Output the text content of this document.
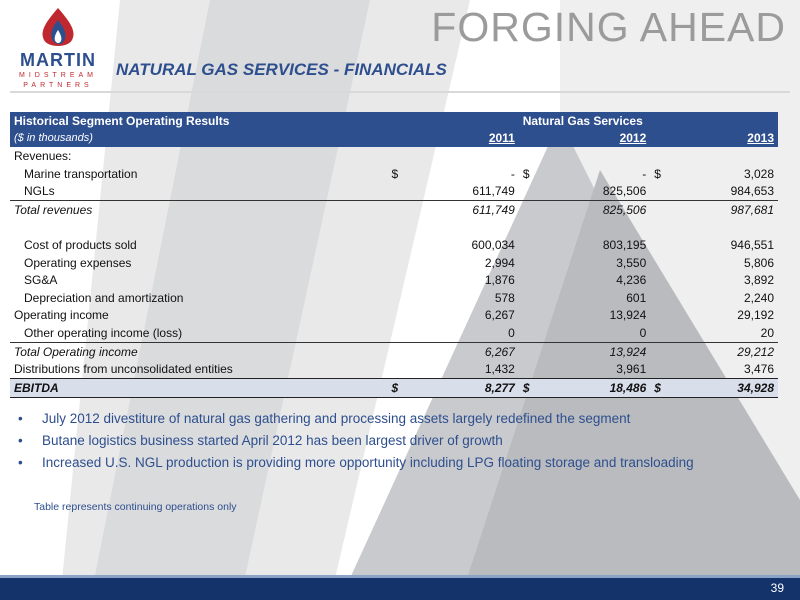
MARTIN
MIDSTREAM
PARTNERS
FORGING AHEAD
NATURAL GAS SERVICES - FINANCIALS
Historical Segment Operating Results	Natural Gas Services					
($ in thousands)		2011		2012		2013
Revenues:						
Marine transportation	$	-	$	-	$	3,028
NGLs		611,749		825,506		984,653
Total revenues		611,749		825,506		987,681

Cost of products sold		600,034		803,195		946,551
Operating expenses		2,994		3,550		5,806
SG&A		1,876		4,236		3,892
Depreciation and amortization		578		601		2,240
Operating income		6,267		13,924		29,192
Other operating income (loss)		0		0		20
Total Operating income		6,267		13,924		29,212
Distributions from unconsolidated entities		1,432		3,961		3,476
EBITDA	$	8,277	$	18,486	$	34,928
• July 2012 divestiture of natural gas gathering and processing assets largely redefined the segment
• Butane logistics business started April 2012 has been largest driver of growth
• Increased U.S. NGL production is providing more opportunity including LPG floating storage and transloading
Table represents continuing operations only
39
